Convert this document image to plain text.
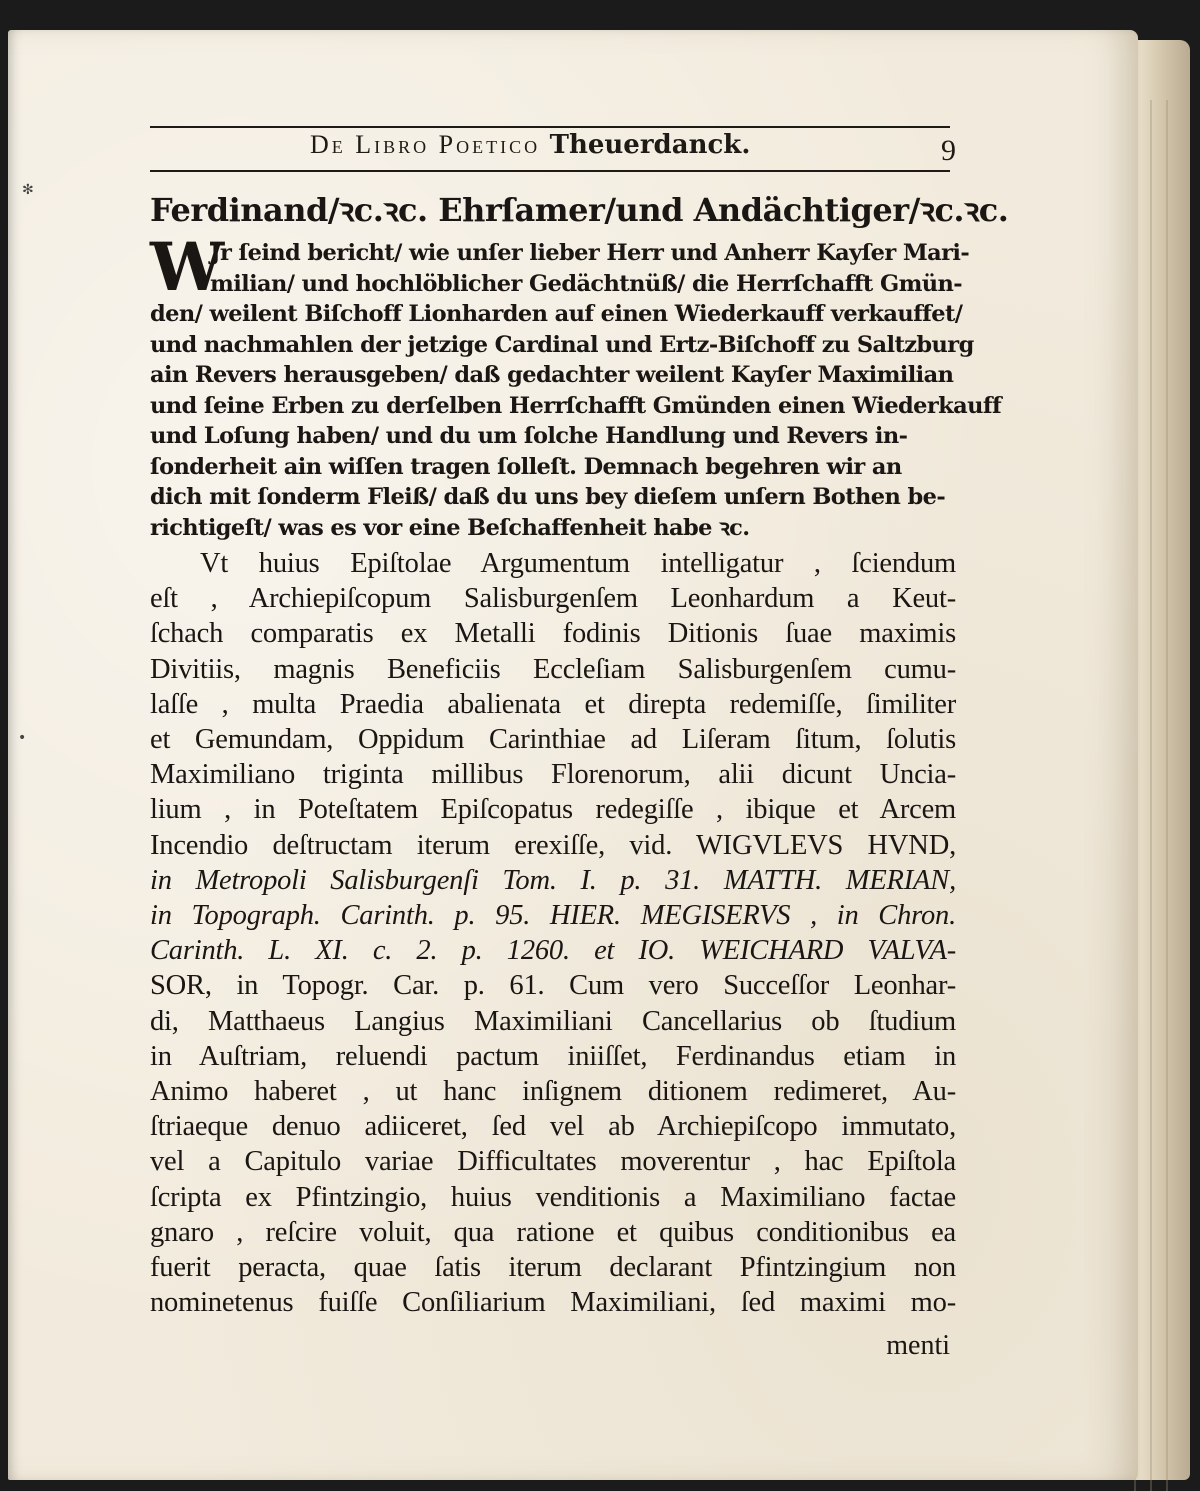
✻
•
De Libro Poetico Theuerdanck.	9
Ferdinand/ꝛc.ꝛc. Ehrſamer/und Andächtiger/ꝛc.ꝛc.
W
Jr ſeind bericht/ wie unſer lieber Herr und Anherr Kayſer Mari-
milian/ und hochlöblicher Gedächtnüß/ die Herrſchafft Gmün-
den/ weilent Biſchoff Lionharden auf einen Wiederkauff verkauffet/
und nachmahlen der jetzige Cardinal und Ertz-Biſchoff zu Saltzburg
ain Revers herausgeben/ daß gedachter weilent Kayſer Maximilian
und ſeine Erben zu derſelben Herrſchafft Gmünden einen Wiederkauff
und Loſung haben/ und du um ſolche Handlung und Revers in-
ſonderheit ain wiſſen tragen ſolleſt. Demnach begehren wir an
dich mit ſonderm Fleiß/ daß du uns bey dieſem unſern Bothen be-
richtigeſt/ was es vor eine Beſchaffenheit habe ꝛc.
Vt huius Epiſtolae Argumentum intelligatur , ſciendum
eſt , Archiepiſcopum Salisburgenſem Leonhardum a Keut-
ſchach comparatis ex Metalli fodinis Ditionis ſuae maximis
Divitiis, magnis Beneficiis Eccleſiam Salisburgenſem cumu-
laſſe , multa Praedia abalienata et direpta redemiſſe, ſimiliter
et Gemundam, Oppidum Carinthiae ad Liſeram ſitum, ſolutis
Maximiliano triginta millibus Florenorum, alii dicunt Uncia-
lium , in Poteſtatem Epiſcopatus redegiſſe , ibique et Arcem
Incendio deſtructam iterum erexiſſe, vid. WIGVLEVS HVND,
in Metropoli Salisburgenſi Tom. I. p. 31. MATTH. MERIAN,
in Topograph. Carinth. p. 95. HIER. MEGISERVS , in Chron.
Carinth. L. XI. c. 2. p. 1260. et IO. WEICHARD VALVA-
SOR, in Topogr. Car. p. 61. Cum vero Succeſſor Leonhar-
di, Matthaeus Langius Maximiliani Cancellarius ob ſtudium
in Auſtriam, reluendi pactum iniiſſet, Ferdinandus etiam in
Animo haberet , ut hanc inſignem ditionem redimeret, Au-
ſtriaeque denuo adiiceret, ſed vel ab Archiepiſcopo immutato,
vel a Capitulo variae Difficultates moverentur , hac Epiſtola
ſcripta ex Pfintzingio, huius venditionis a Maximiliano factae
gnaro , reſcire voluit, qua ratione et quibus conditionibus ea
fuerit peracta, quae ſatis iterum declarant Pfintzingium non
nominetenus fuiſſe Conſiliarium Maximiliani, ſed maximi mo-
menti
